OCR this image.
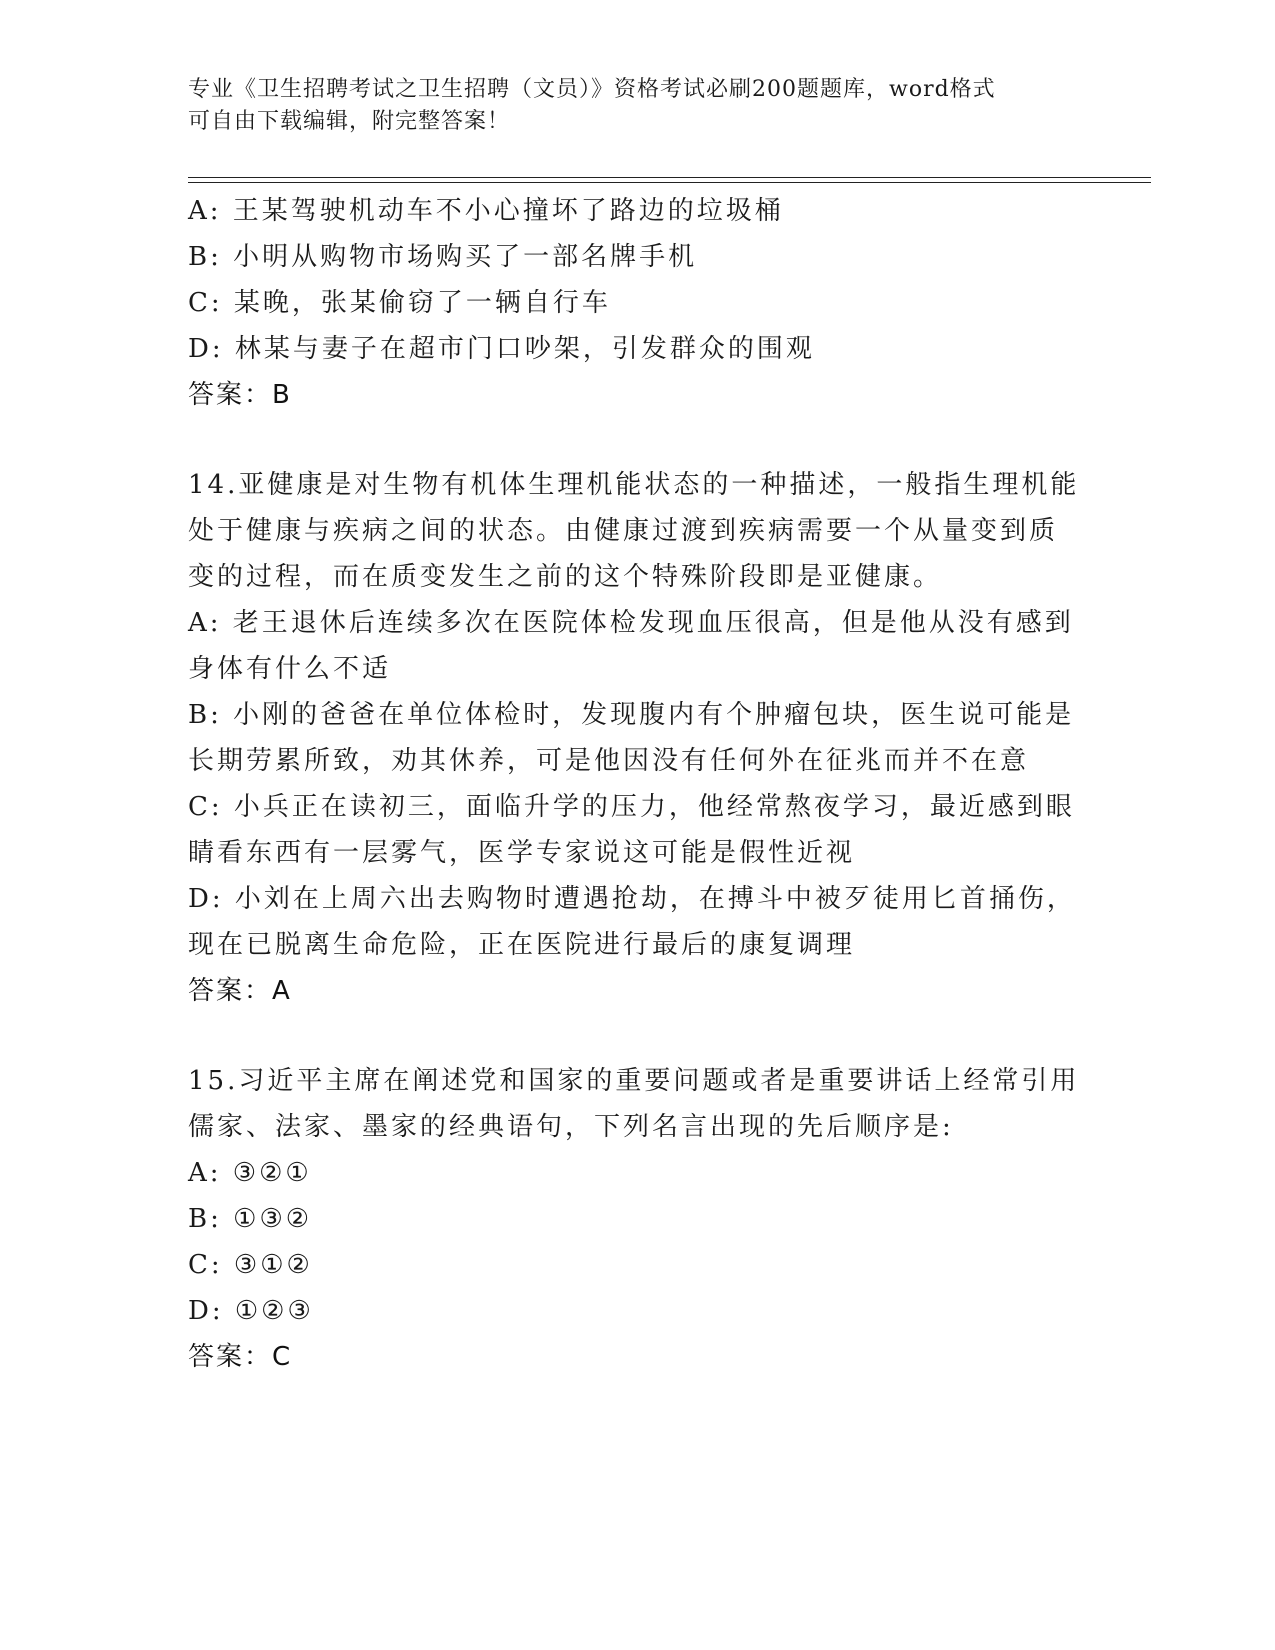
专业《卫生招聘考试之卫生招聘（文员）》资格考试必刷200题题库，word格式
可自由下载编辑，附完整答案！
A: 王某驾驶机动车不小心撞坏了路边的垃圾桶
B: 小明从购物市场购买了一部名牌手机
C: 某晚，张某偷窃了一辆自行车
D: 林某与妻子在超市门口吵架，引发群众的围观
答案：B
14.亚健康是对生物有机体生理机能状态的一种描述，一般指生理机能
处于健康与疾病之间的状态。由健康过渡到疾病需要一个从量变到质
变的过程，而在质变发生之前的这个特殊阶段即是亚健康。
A: 老王退休后连续多次在医院体检发现血压很高，但是他从没有感到
身体有什么不适
B: 小刚的爸爸在单位体检时，发现腹内有个肿瘤包块，医生说可能是
长期劳累所致，劝其休养，可是他因没有任何外在征兆而并不在意
C: 小兵正在读初三，面临升学的压力，他经常熬夜学习，最近感到眼
睛看东西有一层雾气，医学专家说这可能是假性近视
D: 小刘在上周六出去购物时遭遇抢劫，在搏斗中被歹徒用匕首捅伤，
现在已脱离生命危险，正在医院进行最后的康复调理
答案：A
15.习近平主席在阐述党和国家的重要问题或者是重要讲话上经常引用
儒家、法家、墨家的经典语句，下列名言出现的先后顺序是:
A: ③②①
B: ①③②
C: ③①②
D: ①②③
答案：C
